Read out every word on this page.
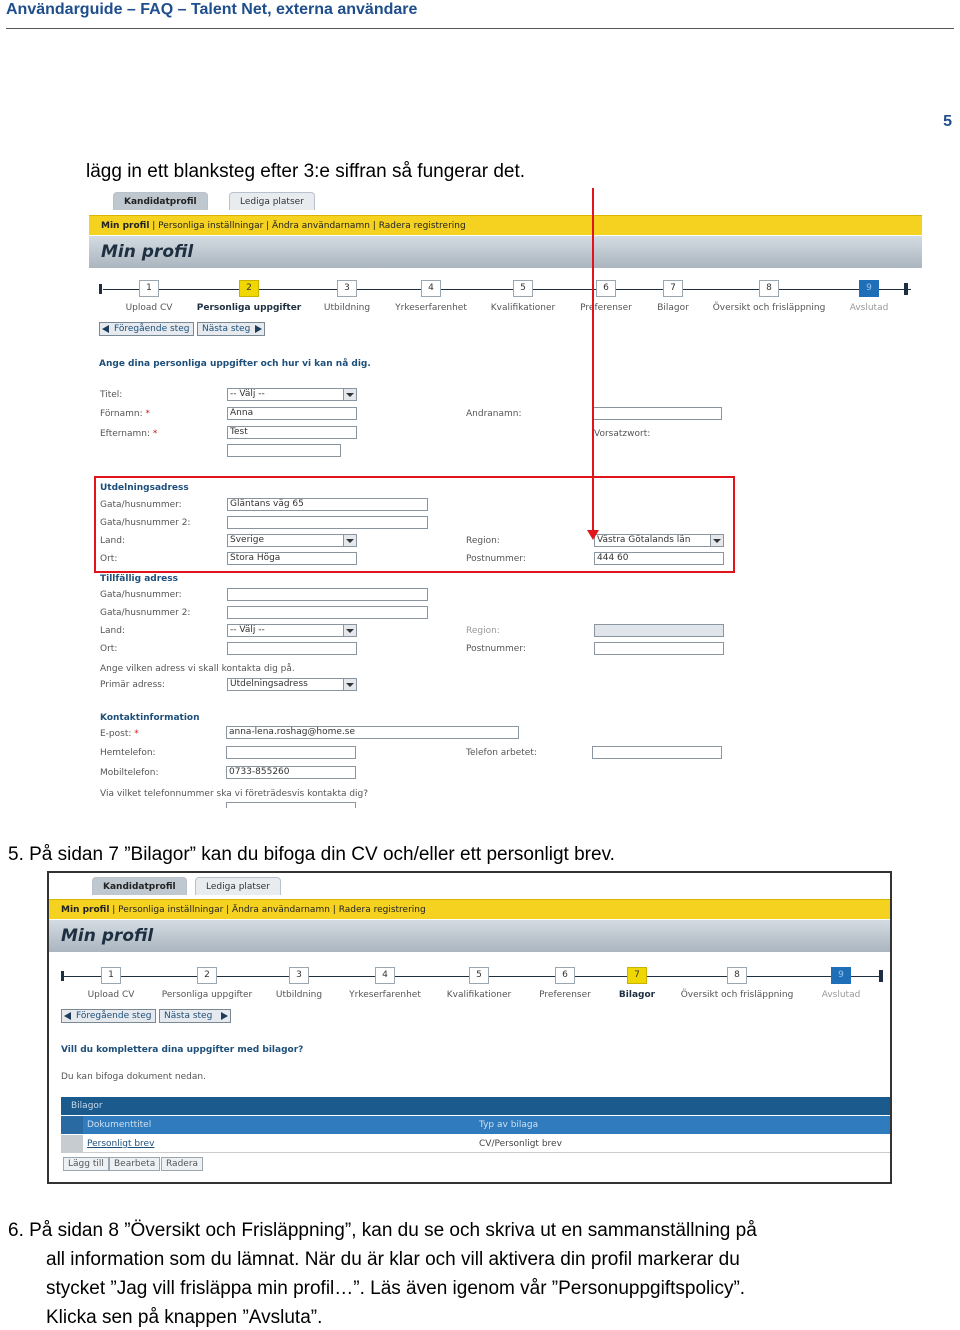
Användarguide – FAQ – Talent Net, externa användare
5
lägg in ett blanksteg efter 3:e siffran så fungerar det.
Kandidatprofil	Lediga platser
Min profil | Personliga inställningar | Ändra användarnamn | Radera registrering
Min profil
1	2	3	4	5	6	7	8	9
Upload CV	Personliga uppgifter	Utbildning	Yrkeserfarenhet	Kvalifikationer	Preferenser	Bilagor	Översikt och frisläppning	Avslutad
Föregående steg	Nästa steg
Ange dina personliga uppgifter och hur vi kan nå dig.
Titel:	-- Välj --
Förnamn: *	Anna	Andranamn:
Efternamn: *	Test	Vorsatzwort:
Utdelningsadress
Gata/husnummer:	Gläntans väg 65
Gata/husnummer 2:
Land:	Sverige	Region:	Västra Götalands län
Ort:	Stora Höga	Postnummer:	444 60
Tillfällig adress
Gata/husnummer:
Gata/husnummer 2:
Land:	-- Välj --	Region:
Ort:	Postnummer:
Ange vilken adress vi skall kontakta dig på.
Primär adress:	Utdelningsadress
Kontaktinformation
E-post: *	anna-lena.roshag@home.se
Hemtelefon:	Telefon arbetet:
Mobiltelefon:	0733-855260
Via vilket telefonnummer ska vi företrädesvis kontakta dig?
5. På sidan 7 ”Bilagor” kan du bifoga din CV och/eller ett personligt brev.
Kandidatprofil	Lediga platser
Min profil | Personliga inställningar | Ändra användarnamn | Radera registrering
Min profil
1	2	3	4	5	6	7	8	9
Upload CV	Personliga uppgifter	Utbildning	Yrkeserfarenhet	Kvalifikationer	Preferenser	Bilagor	Översikt och frisläppning	Avslutad
Föregående steg	Nästa steg
Vill du komplettera dina uppgifter med bilagor?
Du kan bifoga dokument nedan.
Bilagor
Dokumenttitel	Typ av bilaga
Personligt brev	CV/Personligt brev
Lägg till	Bearbeta	Radera
6. På sidan 8 ”Översikt och Frisläppning”, kan du se och skriva ut en sammanställning på
all information som du lämnat. När du är klar och vill aktivera din profil markerar du
stycket ”Jag vill frisläppa min profil…”. Läs även igenom vår ”Personuppgiftspolicy”.
Klicka sen på knappen ”Avsluta”.
